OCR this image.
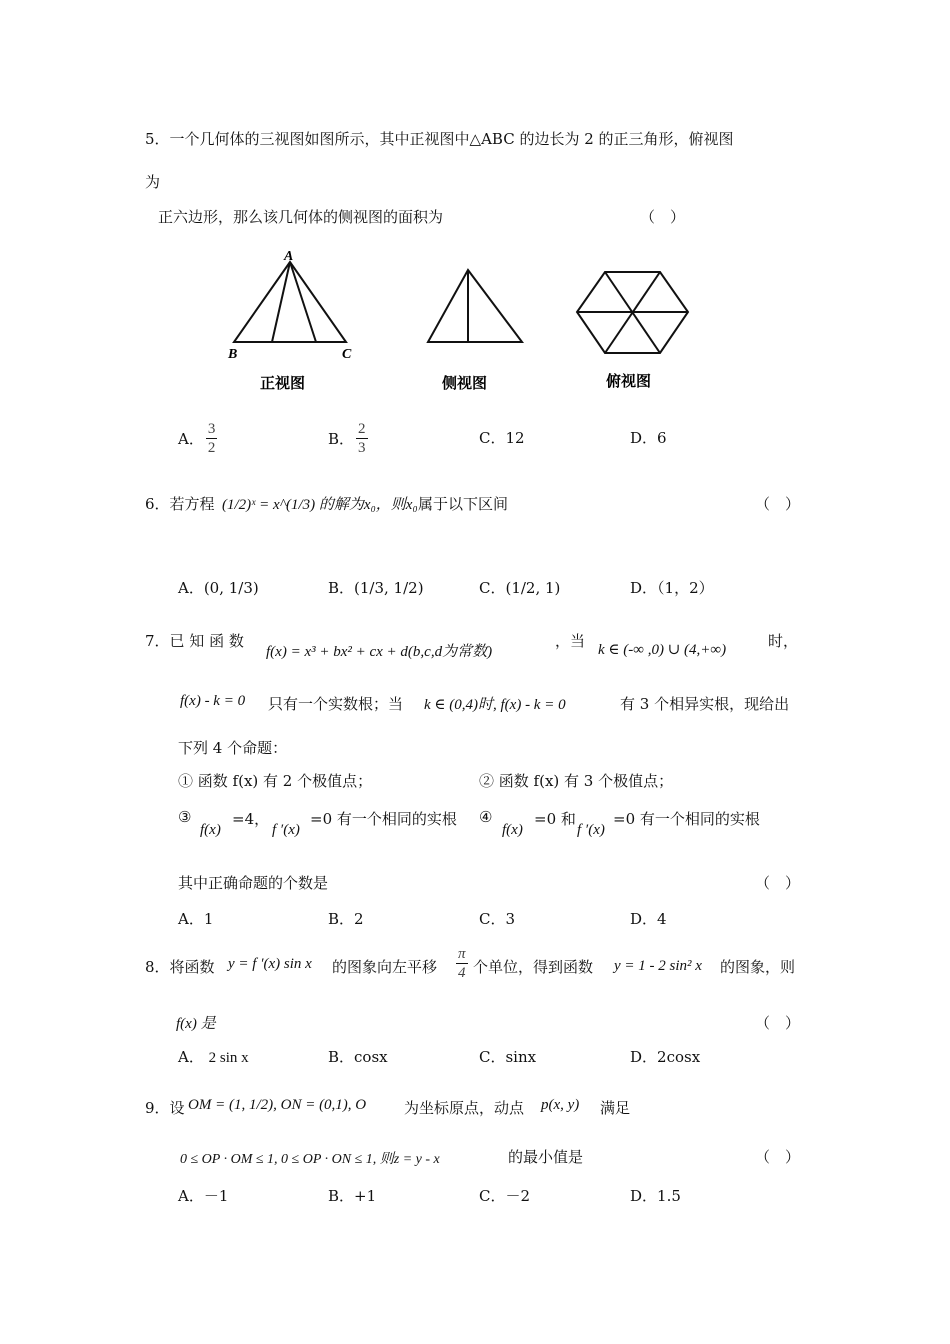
5．一个几何体的三视图如图所示，其中正视图中△ABC 的边长为 2 的正三角形，俯视图
为
正六边形，那么该几何体的侧视图的面积为	（　）
A
B	C
正视图	侧视图	俯视图
A． $\frac{3}{2}$	B． $\frac{2}{3}$	C．12	D．6
6．若方程 (1/2)ˣ = x^(1/3) 的解为x₀，则x₀ 属于以下区间	（　）
A．(0, 1/3)	B．(1/3, 1/2)	C．(1/2, 1)	D．（1，2）
7．已 知 函 数
f(x) = x³ + bx² + cx + d(b,c,d为常数)
，当 k ∈ (-∞ ,0) ∪ (4,+∞)	时，
f(x) - k = 0 只有一个实数根；当 k ∈ (0,4)时, f(x) - k = 0	有 3 个相异实根，现给出
下列 4 个命题：
① 函数 f(x) 有 2 个极值点；	② 函数 f(x) 有 3 个极值点；
③
f(x)
=4，
f ′(x)
=0 有一个相同的实根 ④
f(x)
=0 和
f ′(x)
=0 有一个相同的实根
其中正确命题的个数是	（　）
A．1	B．2	C．3	D．4
8．将函数 y = f ′(x) sin x 的图象向左平移 $\frac{\pi}{4}$ 个单位，得到函数 y = 1 - 2 sin² x 的图象，则
f(x) 是	（　）
A． 2 sin x	B．cosx	C．sinx	D．2cosx
9．设 OM = (1, 1/2), ON = (0,1), O	为坐标原点，动点 p(x, y) 满足
0 ≤ OP · OM ≤ 1, 0 ≤ OP · ON ≤ 1, 则z = y - x	的最小值是	（　）
A．－1	B．+1	C．－2	D．1.5
